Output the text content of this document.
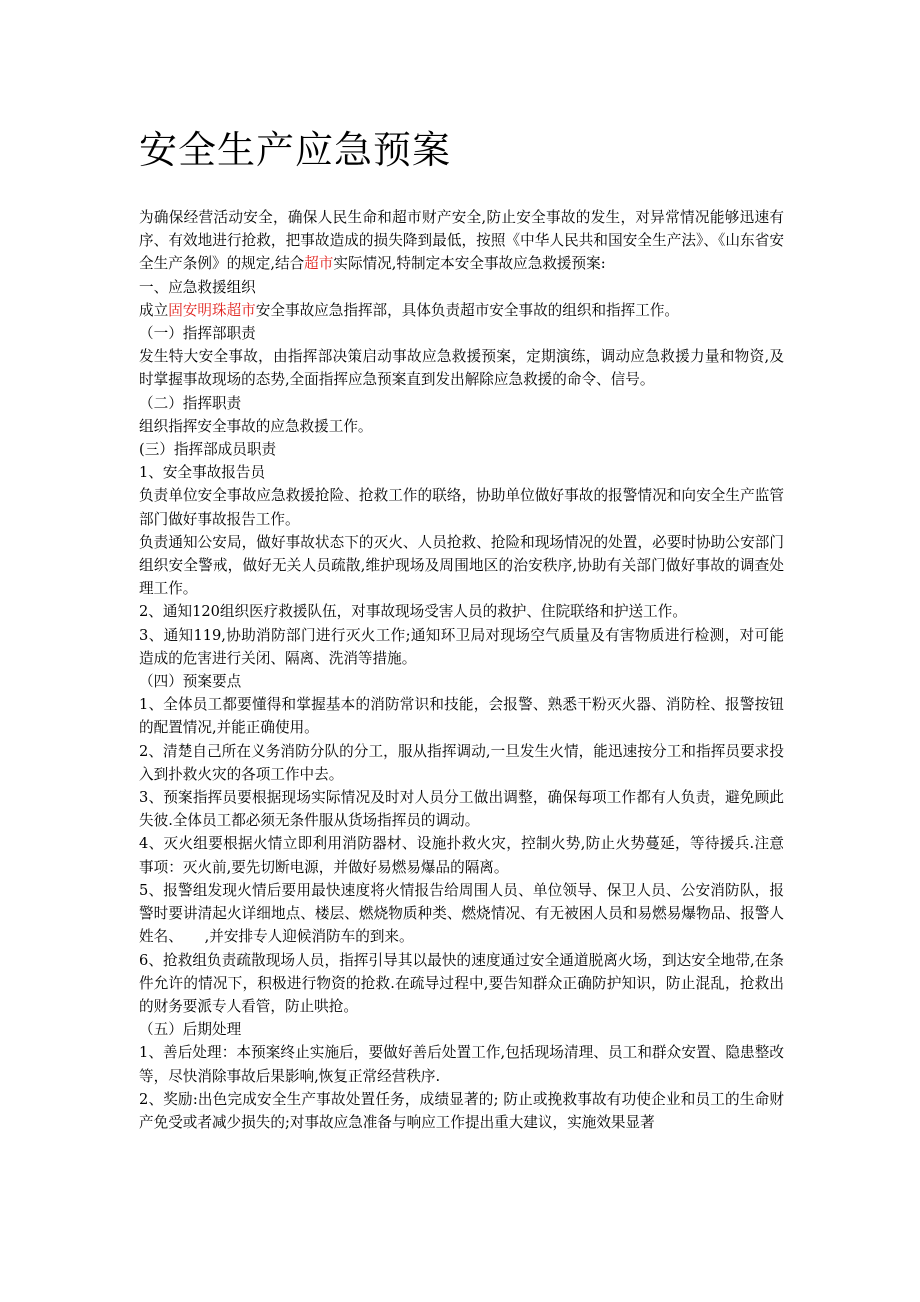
安全生产应急预案

为确保经营活动安全，确保人民生命和超市财产安全,防止安全事故的发生，对异常情况能够迅速有序、有效地进行抢救，把事故造成的损失降到最低，按照《中华人民共和国安全生产法》、《山东省安全生产条例》的规定,结合超市实际情况,特制定本安全事故应急救援预案:

一、应急救援组织

成立固安明珠超市安全事故应急指挥部，具体负责超市安全事故的组织和指挥工作。

（一）指挥部职责

发生特大安全事故，由指挥部决策启动事故应急救援预案，定期演练，调动应急救援力量和物资,及时掌握事故现场的态势,全面指挥应急预案直到发出解除应急救援的命令、信号。

（二）指挥职责

组织指挥安全事故的应急救援工作。

(三）指挥部成员职责

1、安全事故报告员

负责单位安全事故应急救援抢险、抢救工作的联络，协助单位做好事故的报警情况和向安全生产监管部门做好事故报告工作。

负责通知公安局，做好事故状态下的灭火、人员抢救、抢险和现场情况的处置，必要时协助公安部门组织安全警戒，做好无关人员疏散,维护现场及周围地区的治安秩序,协助有关部门做好事故的调查处理工作。

2、通知120组织医疗救援队伍，对事故现场受害人员的救护、住院联络和护送工作。

3、通知119,协助消防部门进行灭火工作;通知环卫局对现场空气质量及有害物质进行检测，对可能造成的危害进行关闭、隔离、洗消等措施。

（四）预案要点

1、全体员工都要懂得和掌握基本的消防常识和技能，会报警、熟悉干粉灭火器、消防栓、报警按钮的配置情况,并能正确使用。

2、清楚自己所在义务消防分队的分工，服从指挥调动,一旦发生火情，能迅速按分工和指挥员要求投入到扑救火灾的各项工作中去。

3、预案指挥员要根据现场实际情况及时对人员分工做出调整，确保每项工作都有人负责，避免顾此失彼.全体员工都必须无条件服从货场指挥员的调动。

4、灭火组要根据火情立即利用消防器材、设施扑救火灾，控制火势,防止火势蔓延，等待援兵.注意事项：灭火前,要先切断电源，并做好易燃易爆品的隔离。

5、报警组发现火情后要用最快速度将火情报告给周围人员、单位领导、保卫人员、公安消防队，报警时要讲清起火详细地点、楼层、燃烧物质种类、燃烧情况、有无被困人员和易燃易爆物品、报警人姓名、　　,并安排专人迎候消防车的到来。

6、抢救组负责疏散现场人员，指挥引导其以最快的速度通过安全通道脱离火场，到达安全地带,在条件允许的情况下，积极进行物资的抢救.在疏导过程中,要告知群众正确防护知识，防止混乱，抢救出的财务要派专人看管，防止哄抢。

（五）后期处理

1、善后处理：本预案终止实施后，要做好善后处置工作,包括现场清理、员工和群众安置、隐患整改等，尽快消除事故后果影响,恢复正常经营秩序.

2、奖励:出色完成安全生产事故处置任务，成绩显著的; 防止或挽救事故有功使企业和员工的生命财产免受或者减少损失的;对事故应急准备与响应工作提出重大建议，实施效果显著
